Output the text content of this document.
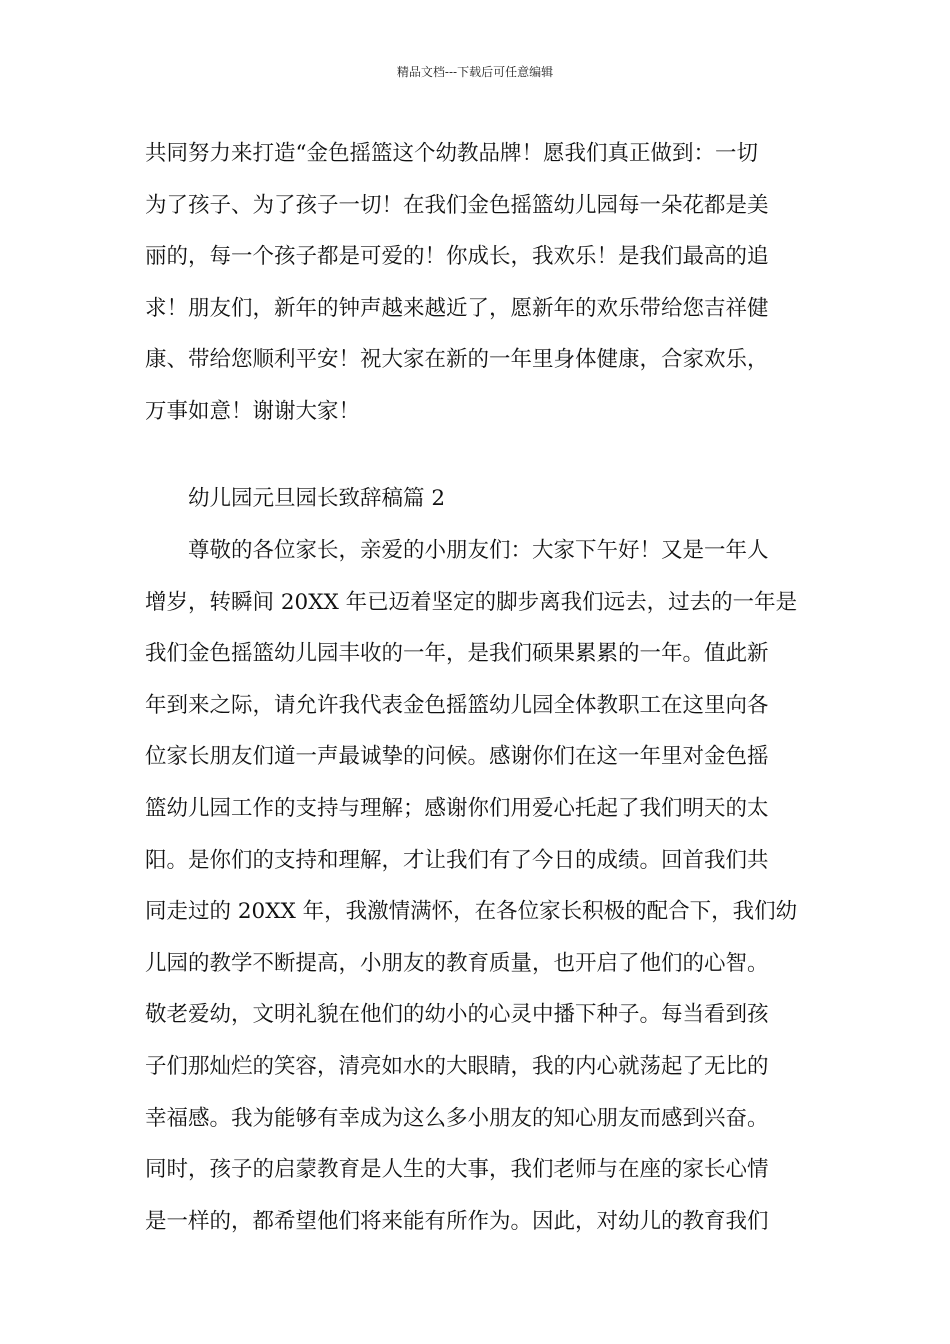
精品文档---下载后可任意编辑
共同努力来打造“金色摇篮这个幼教品牌！愿我们真正做到：一切
为了孩子、为了孩子一切！在我们金色摇篮幼儿园每一朵花都是美
丽的，每一个孩子都是可爱的！你成长，我欢乐！是我们最高的追
求！朋友们，新年的钟声越来越近了，愿新年的欢乐带给您吉祥健
康、带给您顺利平安！祝大家在新的一年里身体健康，合家欢乐，
万事如意！谢谢大家！
幼儿园元旦园长致辞稿篇 2
尊敬的各位家长，亲爱的小朋友们：大家下午好！又是一年人
增岁，转瞬间 20XX 年已迈着坚定的脚步离我们远去，过去的一年是
我们金色摇篮幼儿园丰收的一年，是我们硕果累累的一年。值此新
年到来之际，请允许我代表金色摇篮幼儿园全体教职工在这里向各
位家长朋友们道一声最诚挚的问候。感谢你们在这一年里对金色摇
篮幼儿园工作的支持与理解；感谢你们用爱心托起了我们明天的太
阳。是你们的支持和理解，才让我们有了今日的成绩。回首我们共
同走过的 20XX 年，我激情满怀，在各位家长积极的配合下，我们幼
儿园的教学不断提高，小朋友的教育质量，也开启了他们的心智。
敬老爱幼，文明礼貌在他们的幼小的心灵中播下种子。每当看到孩
子们那灿烂的笑容，清亮如水的大眼睛，我的内心就荡起了无比的
幸福感。我为能够有幸成为这么多小朋友的知心朋友而感到兴奋。
同时，孩子的启蒙教育是人生的大事，我们老师与在座的家长心情
是一样的，都希望他们将来能有所作为。因此，对幼儿的教育我们
